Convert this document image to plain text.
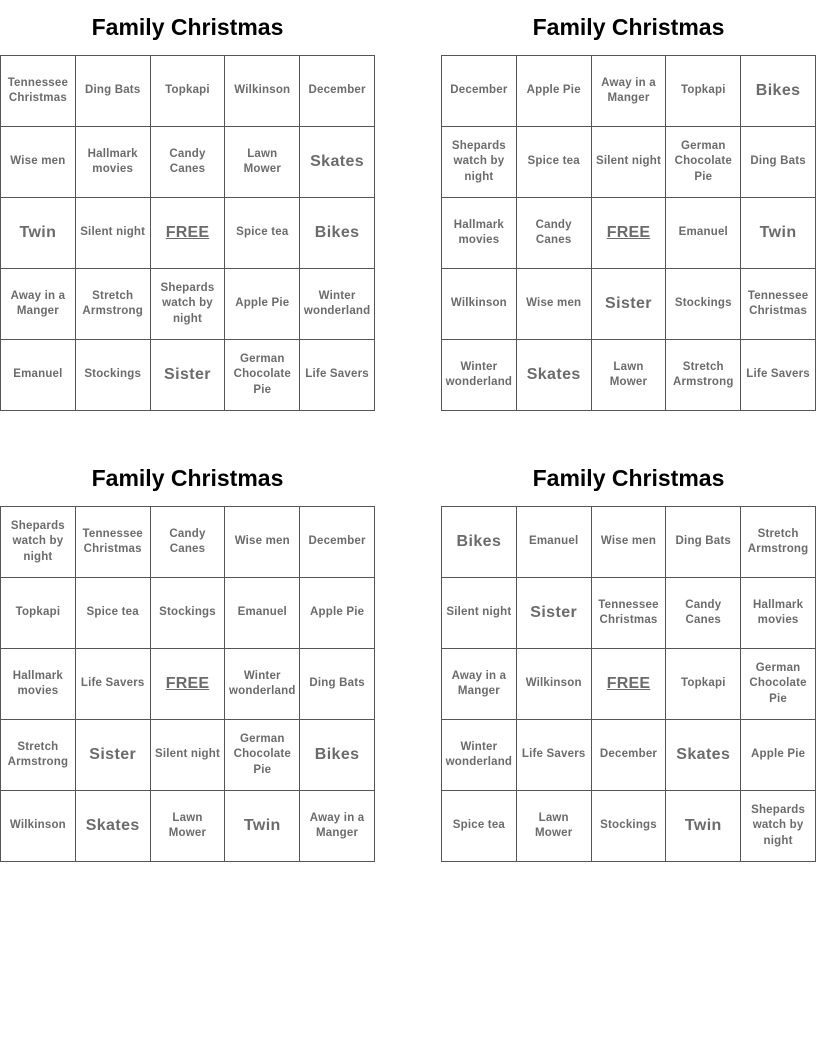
Family Christmas
Tennessee Christmas	Ding Bats	Topkapi	Wilkinson	December
Wise men	Hallmark movies	Candy Canes	Lawn Mower	Skates
Twin	Silent night	FREE	Spice tea	Bikes
Away in a Manger	Stretch Armstrong	Shepards watch by night	Apple Pie	Winter wonderland
Emanuel	Stockings	Sister	German Chocolate Pie	Life Savers
Family Christmas
December	Apple Pie	Away in a Manger	Topkapi	Bikes
Shepards watch by night	Spice tea	Silent night	German Chocolate Pie	Ding Bats
Hallmark movies	Candy Canes	FREE	Emanuel	Twin
Wilkinson	Wise men	Sister	Stockings	Tennessee Christmas
Winter wonderland	Skates	Lawn Mower	Stretch Armstrong	Life Savers
Family Christmas
Shepards watch by night	Tennessee Christmas	Candy Canes	Wise men	December
Topkapi	Spice tea	Stockings	Emanuel	Apple Pie
Hallmark movies	Life Savers	FREE	Winter wonderland	Ding Bats
Stretch Armstrong	Sister	Silent night	German Chocolate Pie	Bikes
Wilkinson	Skates	Lawn Mower	Twin	Away in a Manger
Family Christmas
Bikes	Emanuel	Wise men	Ding Bats	Stretch Armstrong
Silent night	Sister	Tennessee Christmas	Candy Canes	Hallmark movies
Away in a Manger	Wilkinson	FREE	Topkapi	German Chocolate Pie
Winter wonderland	Life Savers	December	Skates	Apple Pie
Spice tea	Lawn Mower	Stockings	Twin	Shepards watch by night
